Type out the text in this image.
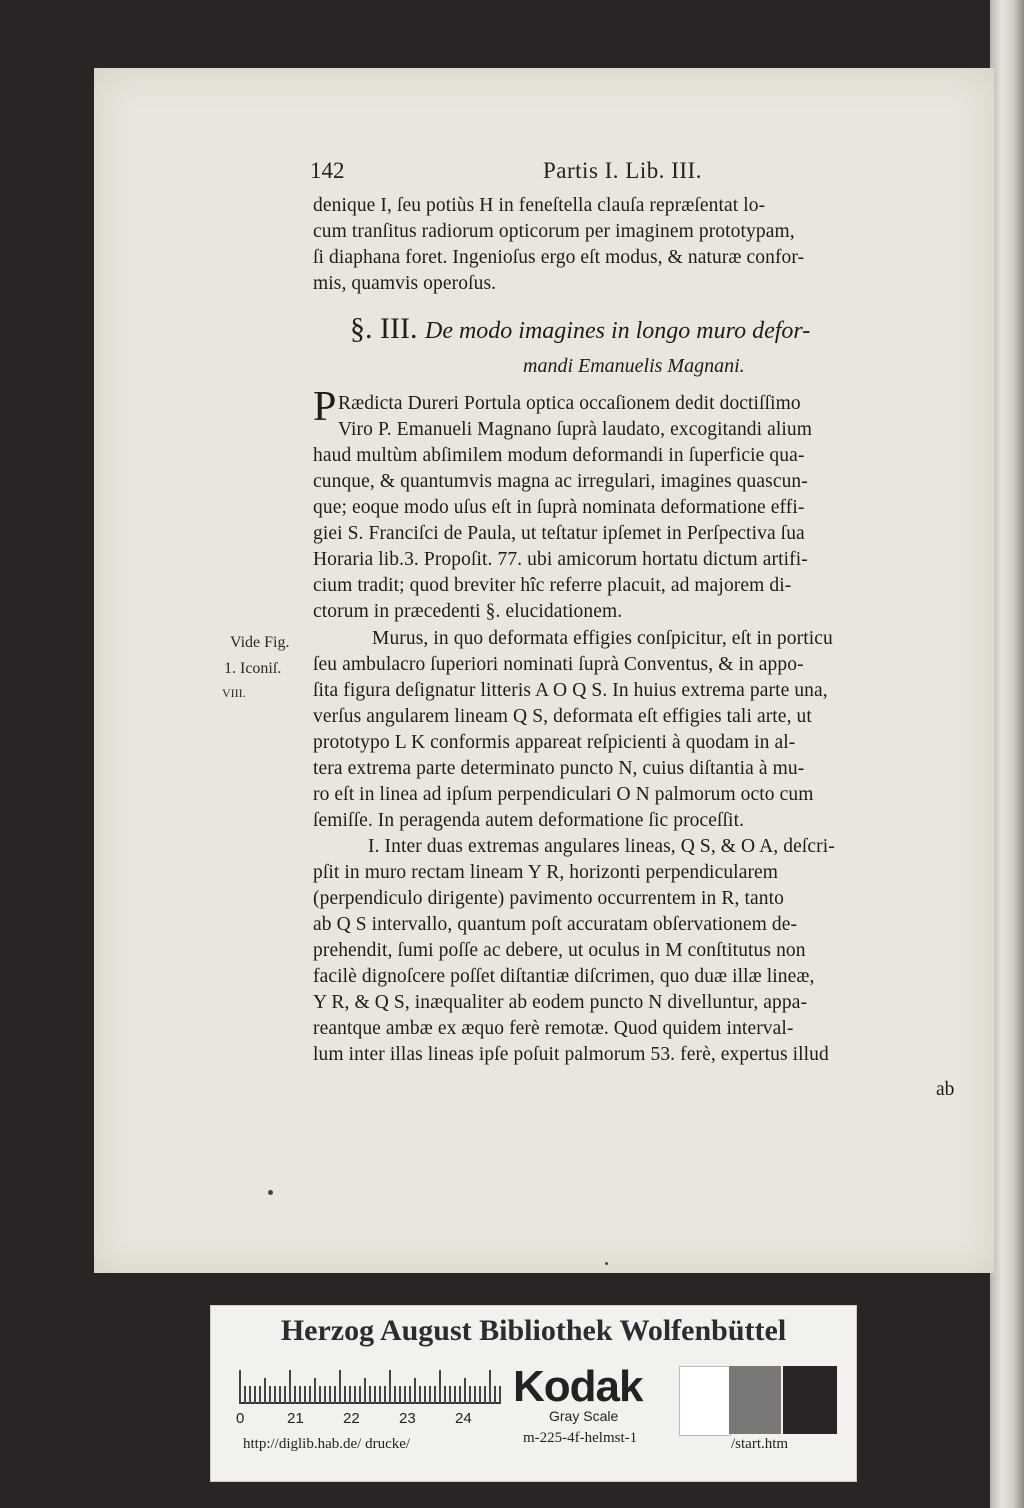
142	Partis I. Lib. III.
denique I, ſeu potiùs H in feneſtella clauſa repræſentat lo-
cum tranſitus radiorum opticorum per imaginem prototypam,
ſi diaphana foret. Ingenioſus ergo eſt modus, & naturæ confor-
mis, quamvis operoſus.
§. III. De modo imagines in longo muro defor-
mandi Emanuelis Magnani.
P Rædicta Dureri Portula optica occaſionem dedit doctiſſimo
Viro P. Emanueli Magnano ſuprà laudato, excogitandi alium
haud multùm abſimilem modum deformandi in ſuperficie qua-
cunque, & quantumvis magna ac irregulari, imagines quascun-
que; eoque modo uſus eſt in ſuprà nominata deformatione effi-
giei S. Franciſci de Paula, ut teſtatur ipſemet in Perſpectiva ſua
Horaria lib.3. Propoſit. 77. ubi amicorum hortatu dictum artifi-
cium tradit; quod breviter hîc referre placuit, ad majorem di-
ctorum in præcedenti §. elucidationem.
Vide Fig.
1. Iconiſ.
VIII.
Murus, in quo deformata effigies conſpicitur, eſt in porticu
ſeu ambulacro ſuperiori nominati ſuprà Conventus, & in appo-
ſita figura deſignatur litteris A O Q S. In huius extrema parte una,
verſus angularem lineam Q S, deformata eſt effigies tali arte, ut
prototypo L K conformis appareat reſpicienti à quodam in al-
tera extrema parte determinato puncto N, cuius diſtantia à mu-
ro eſt in linea ad ipſum perpendiculari O N palmorum octo cum
ſemiſſe. In peragenda autem deformatione ſic proceſſit.
I. Inter duas extremas angulares lineas, Q S, & O A, deſcri-
pſit in muro rectam lineam Y R, horizonti perpendicularem
(perpendiculo dirigente) pavimento occurrentem in R, tanto
ab Q S intervallo, quantum poſt accuratam obſervationem de-
prehendit, ſumi poſſe ac debere, ut oculus in M conſtitutus non
facilè dignoſcere poſſet diſtantiæ diſcrimen, quo duæ illæ lineæ,
Y R, & Q S, inæqualiter ab eodem puncto N divelluntur, appa-
reantque ambæ ex æquo ferè remotæ. Quod quidem interval-
lum inter illas lineas ipſe poſuit palmorum 53. ferè, expertus illud
ab
Herzog August Bibliothek Wolfenbüttel
0	21	22	23	24
Kodak
Gray Scale
m-225-4f-helmst-1
http://diglib.hab.de/ drucke/	/start.htm
